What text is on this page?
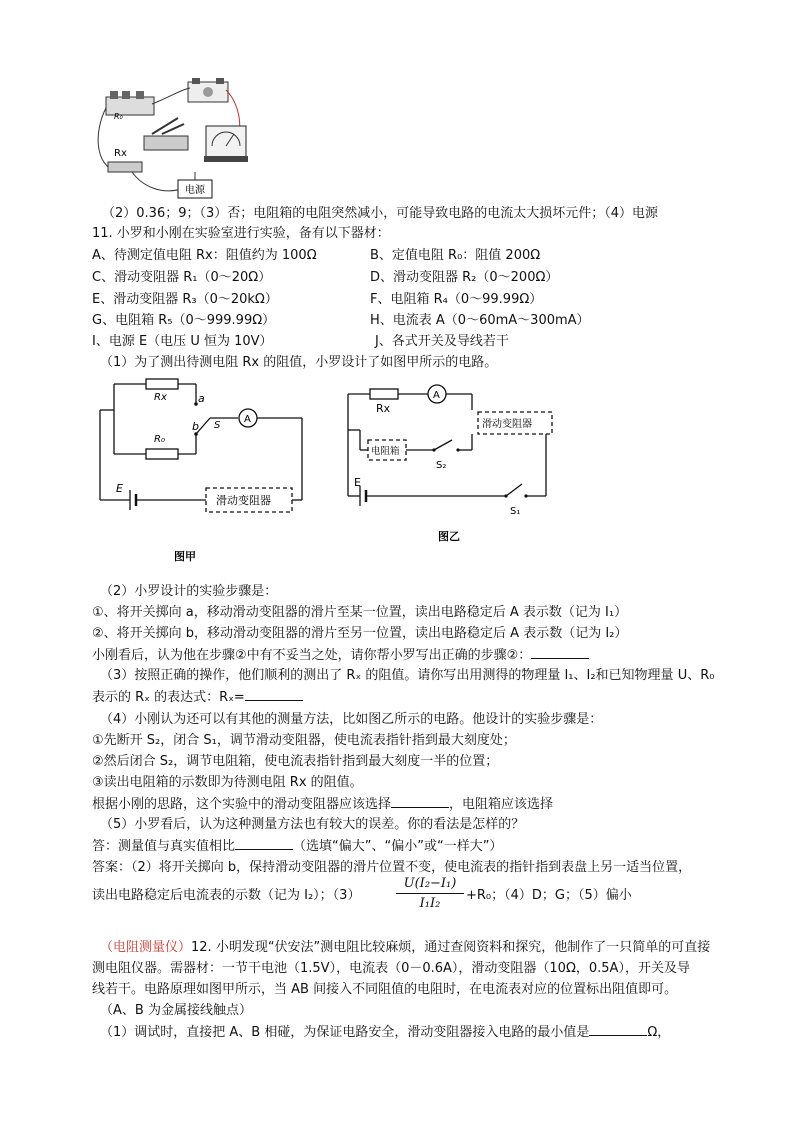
R₀
Rx
电源
（2）0.36；9；（3）否；电阻箱的电阻突然减小，可能导致电路的电流太大损坏元件；（4）电源
11. 小罗和小刚在实验室进行实验，备有以下器材：
A、待测定值电阻 Rx：阻值约为 100Ω	B、定值电阻 R₀：阻值 200Ω
C、滑动变阻器 R₁（0～20Ω）	D、滑动变阻器 R₂（0～200Ω）
E、滑动变阻器 R₃（0～20kΩ）	F、电阻箱 R₄（0～99.99Ω）
G、电阻箱 R₅（0～999.99Ω）	H、电流表 A（0～60mA～300mA）
I、电源 E（电压 U 恒为 10V）	J、各式开关及导线若干
（1）为了测出待测电阻 Rx 的阻值，小罗设计了如图甲所示的电路。
Rx
R₀
a
b S
A
E
滑动变阻器
图甲
Rx
A
滑动变阻器
电阻箱
S₂
E
S₁
图乙
（2）小罗设计的实验步骤是：
①、将开关掷向 a，移动滑动变阻器的滑片至某一位置，读出电路稳定后 A 表示数（记为 I₁）
②、将开关掷向 b，移动滑动变阻器的滑片至另一位置，读出电路稳定后 A 表示数（记为 I₂）
小刚看后，认为他在步骤②中有不妥当之处，请你帮小罗写出正确的步骤②：
（3）按照正确的操作，他们顺利的测出了 Rₓ 的阻值。请你写出用测得的物理量 I₁、I₂和已知物理量 U、R₀
表示的 Rₓ 的表达式：Rₓ=
（4）小刚认为还可以有其他的测量方法，比如图乙所示的电路。他设计的实验步骤是：
①先断开 S₂，闭合 S₁，调节滑动变阻器，使电流表指针指到最大刻度处；
②然后闭合 S₂，调节电阻箱，使电流表指针指到最大刻度一半的位置；
③读出电阻箱的示数即为待测电阻 Rx 的阻值。
根据小刚的思路，这个实验中的滑动变阻器应该选择	，电阻箱应该选择
（5）小罗看后，认为这种测量方法也有较大的误差。你的看法是怎样的？
答：测量值与真实值相比	（选填“偏大”、“偏小”或“一样大”）
答案：（2）将开关掷向 b，保持滑动变阻器的滑片位置不变，使电流表的指针指到表盘上另一适当位置，
读出电路稳定后电流表的示数（记为 I₂）；（3）	$\frac{\text{U(I₂−I₁)}}{\text{I₁I₂}} +R_0$；（4）D；G；（5）偏小
（电阻测量仪）12. 小明发现“伏安法”测电阻比较麻烦，通过查阅资料和探究，他制作了一只简单的可直接
测电阻仪器。需器材：一节干电池（1.5V），电流表（0－0.6A），滑动变阻器（10Ω，0.5A），开关及导
线若干。电路原理如图甲所示，当 AB 间接入不同阻值的电阻时，在电流表对应的位置标出阻值即可。
（A、B 为金属接线触点）
（1）调试时，直接把 A、B 相碰，为保证电路安全，滑动变阻器接入电路的最小值是	Ω，
